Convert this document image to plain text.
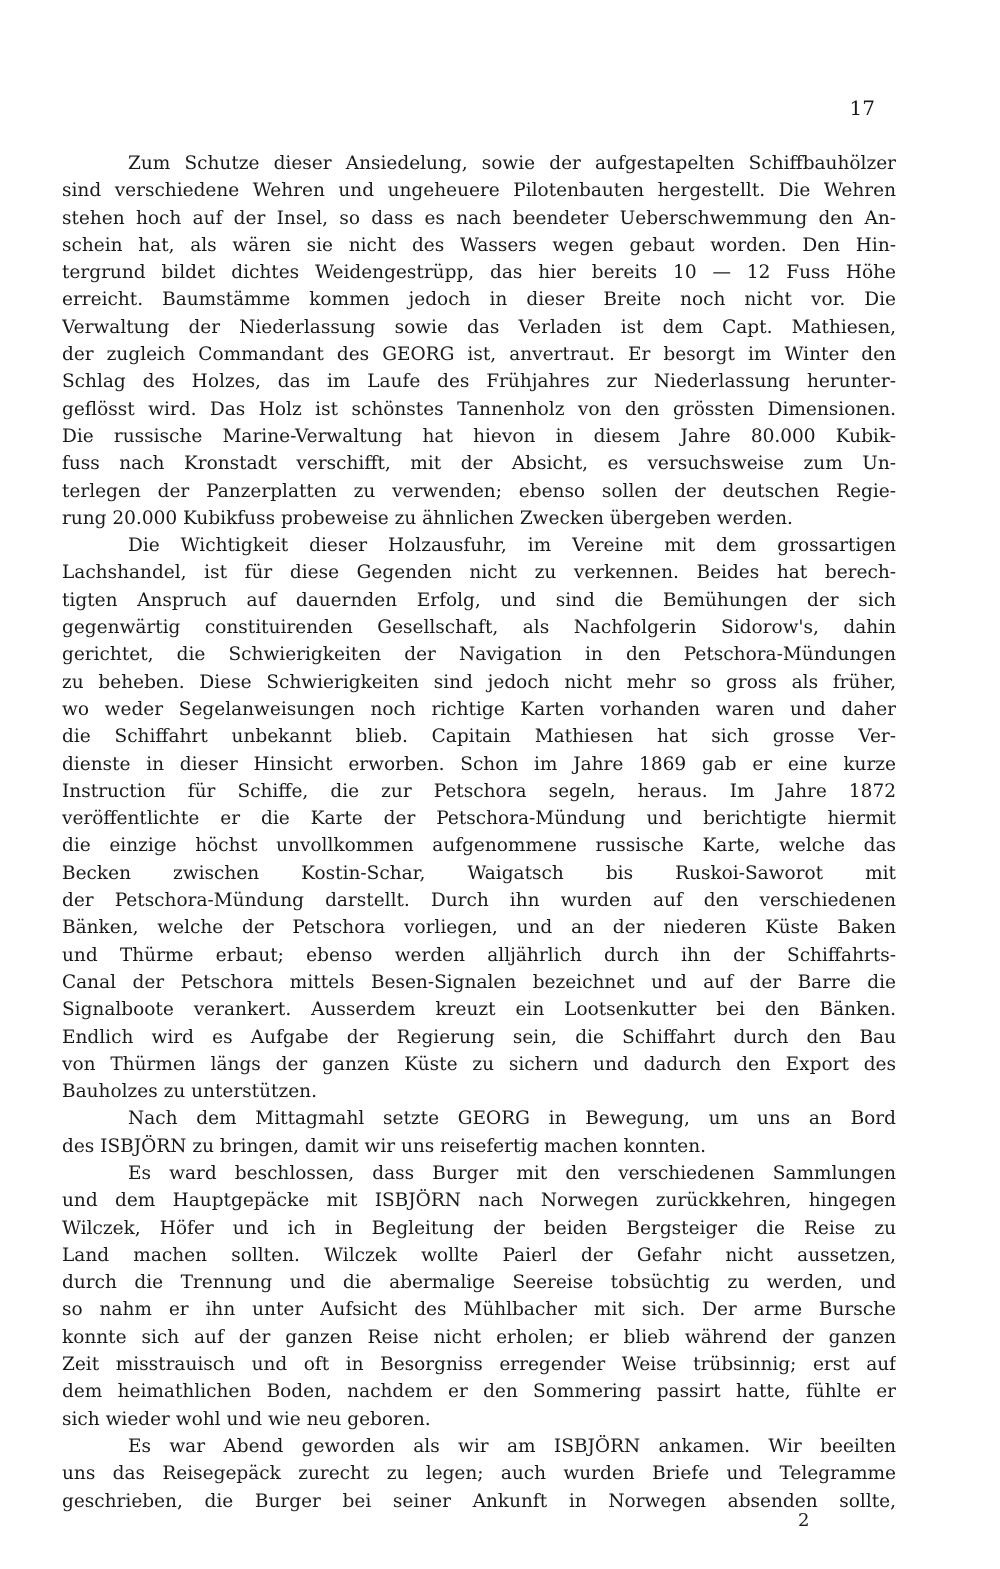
17
Zum Schutze dieser Ansiedelung, sowie der aufgestapelten Schiffbauhölzer
sind verschiedene Wehren und ungeheuere Pilotenbauten hergestellt. Die Wehren
stehen hoch auf der Insel, so dass es nach beendeter Ueberschwemmung den An-
schein hat, als wären sie nicht des Wassers wegen gebaut worden. Den Hin-
tergrund bildet dichtes Weidengestrüpp, das hier bereits 10 — 12 Fuss Höhe
erreicht. Baumstämme kommen jedoch in dieser Breite noch nicht vor. Die
Verwaltung der Niederlassung sowie das Verladen ist dem Capt. Mathiesen,
der zugleich Commandant des GEORG ist, anvertraut. Er besorgt im Winter den
Schlag des Holzes, das im Laufe des Frühjahres zur Niederlassung herunter-
geflösst wird. Das Holz ist schönstes Tannenholz von den grössten Dimensionen.
Die russische Marine-Verwaltung hat hievon in diesem Jahre 80.000 Kubik-
fuss nach Kronstadt verschifft, mit der Absicht, es versuchsweise zum Un-
terlegen der Panzerplatten zu verwenden; ebenso sollen der deutschen Regie-
rung 20.000 Kubikfuss probeweise zu ähnlichen Zwecken übergeben werden.
Die Wichtigkeit dieser Holzausfuhr, im Vereine mit dem grossartigen
Lachshandel, ist für diese Gegenden nicht zu verkennen. Beides hat berech-
tigten Anspruch auf dauernden Erfolg, und sind die Bemühungen der sich
gegenwärtig constituirenden Gesellschaft, als Nachfolgerin Sidorow's, dahin
gerichtet, die Schwierigkeiten der Navigation in den Petschora-Mündungen
zu beheben. Diese Schwierigkeiten sind jedoch nicht mehr so gross als früher,
wo weder Segelanweisungen noch richtige Karten vorhanden waren und daher
die Schiffahrt unbekannt blieb. Capitain Mathiesen hat sich grosse Ver-
dienste in dieser Hinsicht erworben. Schon im Jahre 1869 gab er eine kurze
Instruction für Schiffe, die zur Petschora segeln, heraus. Im Jahre 1872
veröffentlichte er die Karte der Petschora-Mündung und berichtigte hiermit
die einzige höchst unvollkommen aufgenommene russische Karte, welche das
Becken zwischen Kostin-Schar, Waigatsch bis Ruskoi-Saworot mit
der Petschora-Mündung darstellt. Durch ihn wurden auf den verschiedenen
Bänken, welche der Petschora vorliegen, und an der niederen Küste Baken
und Thürme erbaut; ebenso werden alljährlich durch ihn der Schiffahrts-
Canal der Petschora mittels Besen-Signalen bezeichnet und auf der Barre die
Signalboote verankert. Ausserdem kreuzt ein Lootsenkutter bei den Bänken.
Endlich wird es Aufgabe der Regierung sein, die Schiffahrt durch den Bau
von Thürmen längs der ganzen Küste zu sichern und dadurch den Export des
Bauholzes zu unterstützen.
Nach dem Mittagmahl setzte GEORG in Bewegung, um uns an Bord
des ISBJÖRN zu bringen, damit wir uns reisefertig machen konnten.
Es ward beschlossen, dass Burger mit den verschiedenen Sammlungen
und dem Hauptgepäcke mit ISBJÖRN nach Norwegen zurückkehren, hingegen
Wilczek, Höfer und ich in Begleitung der beiden Bergsteiger die Reise zu
Land machen sollten. Wilczek wollte Paierl der Gefahr nicht aussetzen,
durch die Trennung und die abermalige Seereise tobsüchtig zu werden, und
so nahm er ihn unter Aufsicht des Mühlbacher mit sich. Der arme Bursche
konnte sich auf der ganzen Reise nicht erholen; er blieb während der ganzen
Zeit misstrauisch und oft in Besorgniss erregender Weise trübsinnig; erst auf
dem heimathlichen Boden, nachdem er den Sommering passirt hatte, fühlte er
sich wieder wohl und wie neu geboren.
Es war Abend geworden als wir am ISBJÖRN ankamen. Wir beeilten
uns das Reisegepäck zurecht zu legen; auch wurden Briefe und Telegramme
geschrieben, die Burger bei seiner Ankunft in Norwegen absenden sollte,
2
